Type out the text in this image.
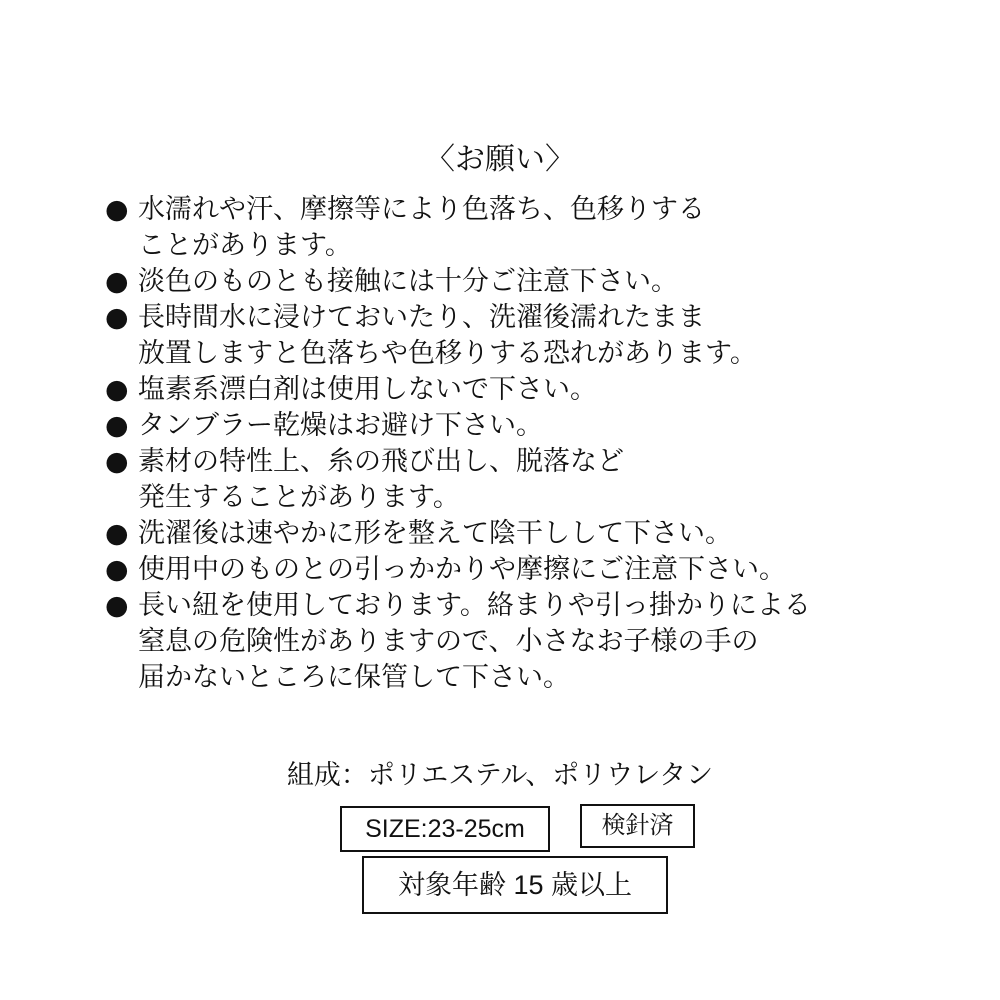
〈お願い〉
● 水濡れや汗、摩擦等により色落ち、色移りする
ことがあります。
● 淡色のものとも接触には十分ご注意下さい。
● 長時間水に浸けておいたり、洗濯後濡れたまま
放置しますと色落ちや色移りする恐れがあります。
● 塩素系漂白剤は使用しないで下さい。
● タンブラー乾燥はお避け下さい。
● 素材の特性上、糸の飛び出し、脱落など
発生することがあります。
● 洗濯後は速やかに形を整えて陰干しして下さい。
● 使用中のものとの引っかかりや摩擦にご注意下さい。
● 長い紐を使用しております。絡まりや引っ掛かりによる
窒息の危険性がありますので、小さなお子様の手の
届かないところに保管して下さい。
組成：ポリエステル、ポリウレタン
SIZE:23-25cm	検針済
対象年齢 15 歳以上
